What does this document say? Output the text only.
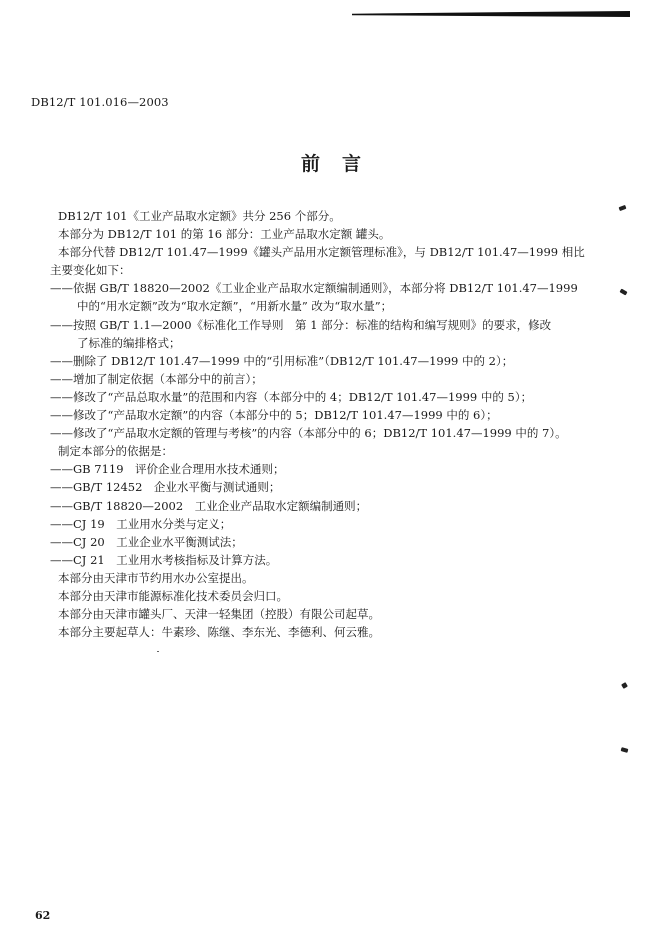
DB12/T 101.016—2003
前言
DB12/T 101《工业产品取水定额》共分 256 个部分。
本部分为 DB12/T 101 的第 16 部分：工业产品取水定额 罐头。
本部分代替 DB12/T 101.47—1999《罐头产品用水定额管理标准》，与 DB12/T 101.47—1999 相比
主要变化如下：
——依据 GB/T 18820—2002《工业企业产品取水定额编制通则》，本部分将 DB12/T 101.47—1999
中的“用水定额”改为“取水定额”，“用新水量” 改为“取水量”；
——按照 GB/T 1.1—2000《标准化工作导则　第 1 部分：标准的结构和编写规则》的要求，修改
了标准的编排格式；
——删除了 DB12/T 101.47—1999 中的“引用标准”（DB12/T 101.47—1999 中的 2）；
——增加了制定依据（本部分中的前言）；
——修改了“产品总取水量”的范围和内容（本部分中的 4；DB12/T 101.47—1999 中的 5）；
——修改了“产品取水定额”的内容（本部分中的 5；DB12/T 101.47—1999 中的 6）；
——修改了“产品取水定额的管理与考核”的内容（本部分中的 6；DB12/T 101.47—1999 中的 7）。
制定本部分的依据是：
——GB 7119　评价企业合理用水技术通则；
——GB/T 12452　企业水平衡与测试通则；
——GB/T 18820—2002　工业企业产品取水定额编制通则；
——CJ 19　工业用水分类与定义；
——CJ 20　工业企业水平衡测试法；
——CJ 21　工业用水考核指标及计算方法。
本部分由天津市节约用水办公室提出。
本部分由天津市能源标准化技术委员会归口。
本部分由天津市罐头厂、天津一轻集团（控股）有限公司起草。
本部分主要起草人：牛素珍、陈继、李东光、李德利、何云雅。
62
